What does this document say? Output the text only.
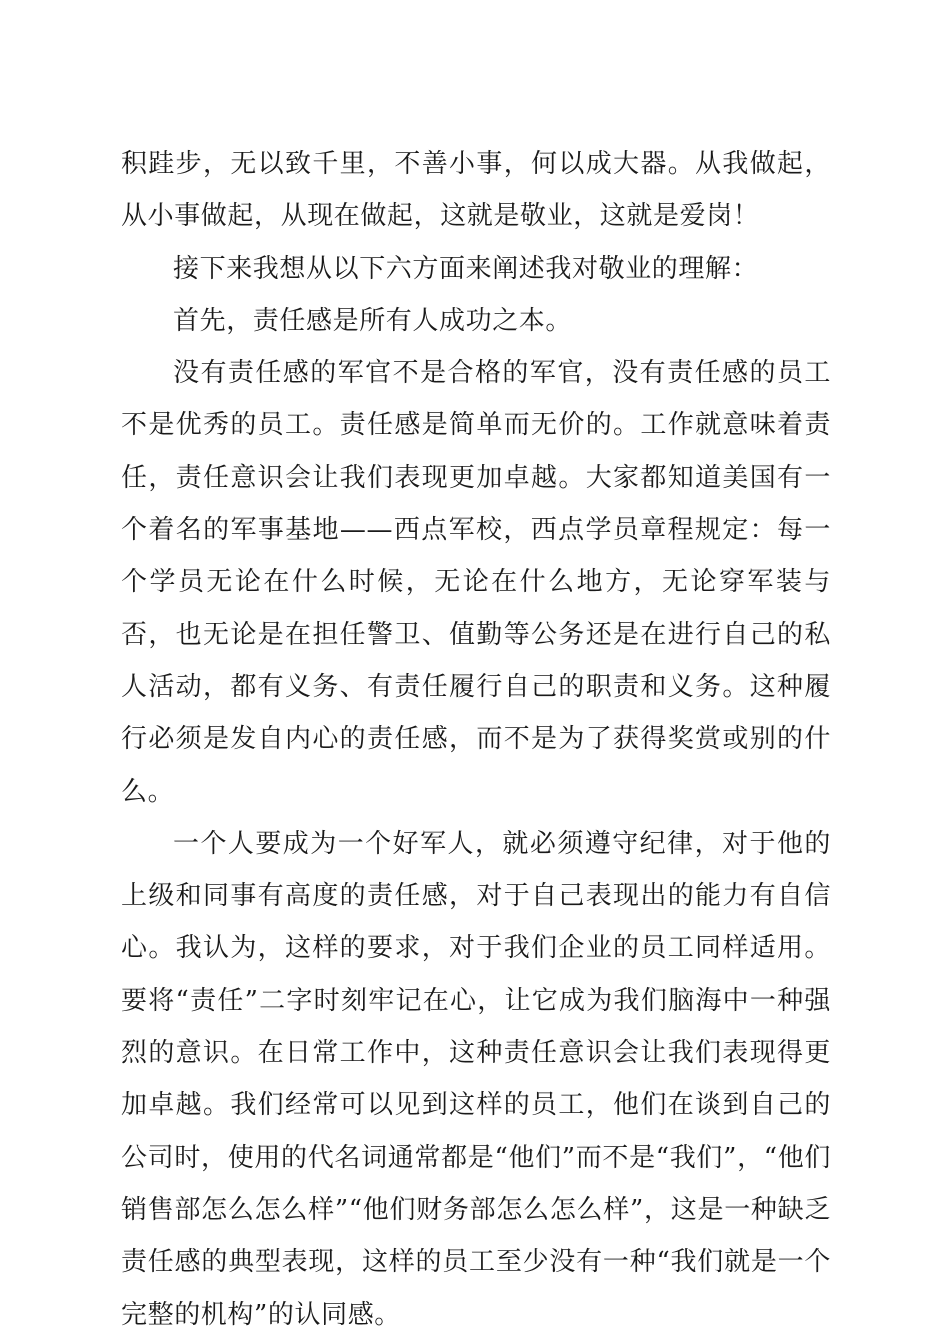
积跬步，无以致千里，不善小事，何以成大器。从我做起，从小事做起，从现在做起，这就是敬业，这就是爱岗！

接下来我想从以下六方面来阐述我对敬业的理解：

首先，责任感是所有人成功之本。

没有责任感的军官不是合格的军官，没有责任感的员工不是优秀的员工。责任感是简单而无价的。工作就意味着责任，责任意识会让我们表现更加卓越。大家都知道美国有一个着名的军事基地——西点军校，西点学员章程规定：每一个学员无论在什么时候，无论在什么地方，无论穿军装与否，也无论是在担任警卫、值勤等公务还是在进行自己的私人活动，都有义务、有责任履行自己的职责和义务。这种履行必须是发自内心的责任感，而不是为了获得奖赏或别的什么。

一个人要成为一个好军人，就必须遵守纪律，对于他的上级和同事有高度的责任感，对于自己表现出的能力有自信心。我认为，这样的要求，对于我们企业的员工同样适用。要将“责任”二字时刻牢记在心，让它成为我们脑海中一种强烈的意识。在日常工作中，这种责任意识会让我们表现得更加卓越。我们经常可以见到这样的员工，他们在谈到自己的公司时，使用的代名词通常都是“他们”而不是“我们”，“他们销售部怎么怎么样”“他们财务部怎么怎么样”，这是一种缺乏责任感的典型表现，这样的员工至少没有一种“我们就是一个完整的机构”的认同感。
